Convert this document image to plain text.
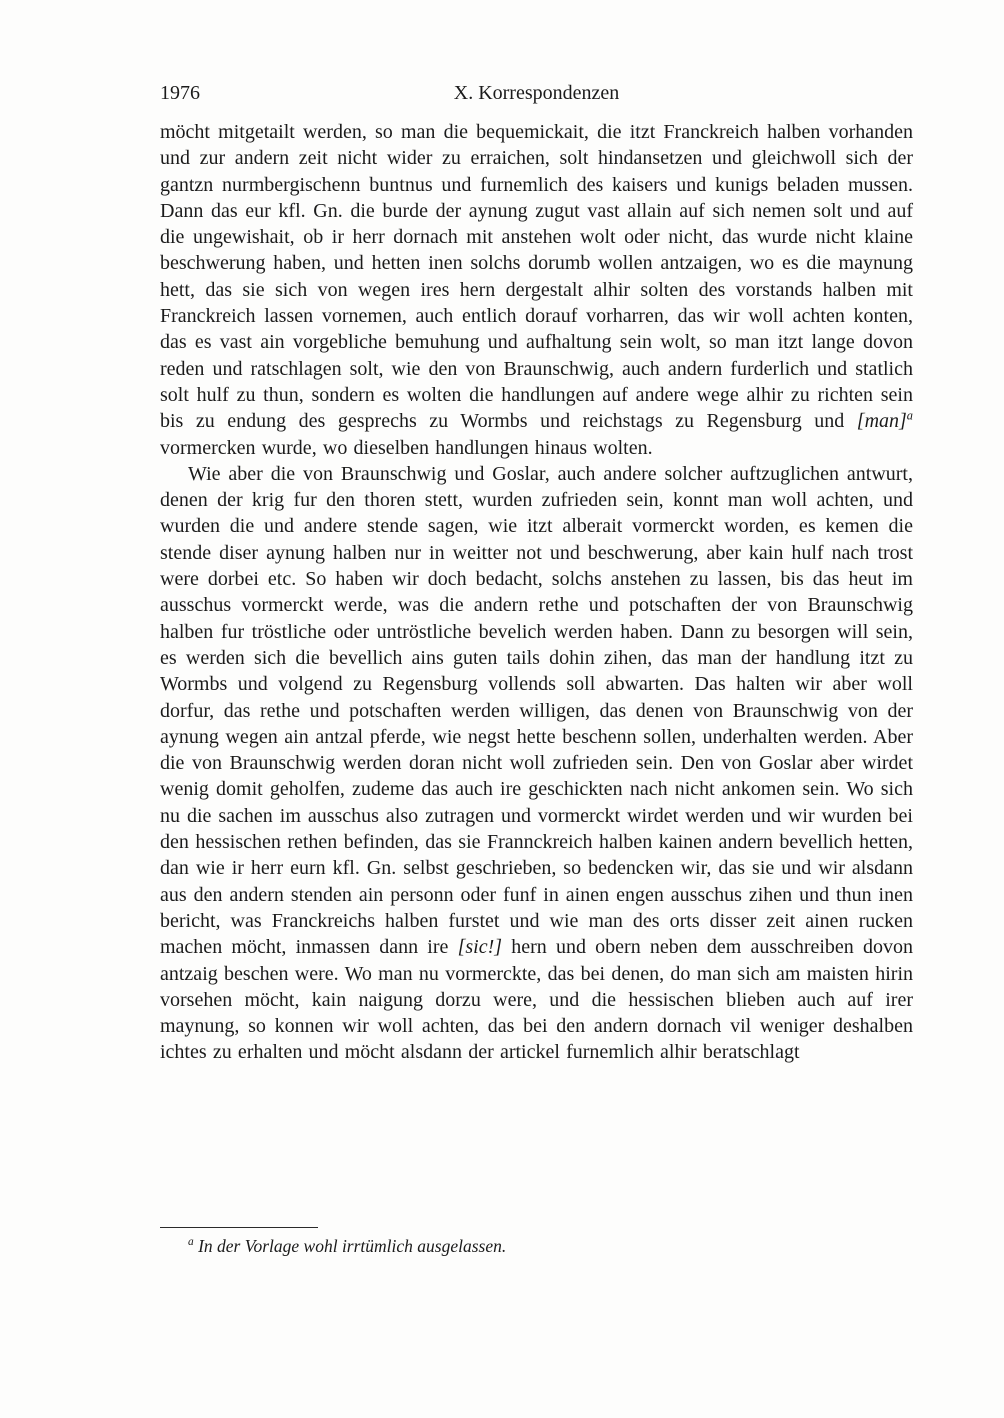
1976	X. Korrespondenzen

möcht mitgetailt werden, so man die bequemickait, die itzt Franckreich halben vorhanden und zur andern zeit nicht wider zu erraichen, solt hindansetzen und gleichwoll sich der gantzn nurmbergischenn buntnus und furnemlich des kaisers und kunigs beladen mussen. Dann das eur kfl. Gn. die burde der aynung zugut vast allain auf sich nemen solt und auf die ungewishait, ob ir herr dornach mit anstehen wolt oder nicht, das wurde nicht klaine beschwerung haben, und hetten inen solchs dorumb wollen antzaigen, wo es die maynung hett, das sie sich von wegen ires hern dergestalt alhir solten des vorstands halben mit Franckreich lassen vornemen, auch entlich dorauf vorharren, das wir woll achten konten, das es vast ain vorgebliche bemuhung und aufhaltung sein wolt, so man itzt lange dovon reden und ratschlagen solt, wie den von Braunschwig, auch andern furderlich und statlich solt hulf zu thun, sondern es wolten die handlungen auf andere wege alhir zu richten sein bis zu endung des gesprechs zu Wormbs und reichstags zu Regensburg und [man]$^a$ vormercken wurde, wo dieselben handlungen hinaus wolten.

Wie aber die von Braunschwig und Goslar, auch andere solcher auftzuglichen antwurt, denen der krig fur den thoren stett, wurden zufrieden sein, konnt man woll achten, und wurden die und andere stende sagen, wie itzt alberait vormerckt worden, es kemen die stende diser aynung halben nur in weitter not und beschwerung, aber kain hulf nach trost were dorbei etc. So haben wir doch bedacht, solchs anstehen zu lassen, bis das heut im ausschus vormerckt werde, was die andern rethe und potschaften der von Braunschwig halben fur tröstliche oder untröstliche bevelich werden haben. Dann zu besorgen will sein, es werden sich die bevellich ains guten tails dohin zihen, das man der handlung itzt zu Wormbs und volgend zu Regensburg vollends soll abwarten. Das halten wir aber woll dorfur, das rethe und potschaften werden willigen, das denen von Braunschwig von der aynung wegen ain antzal pferde, wie negst hette beschenn sollen, underhalten werden. Aber die von Braunschwig werden doran nicht woll zufrieden sein. Den von Goslar aber wirdet wenig domit geholfen, zudeme das auch ire geschickten nach nicht ankomen sein. Wo sich nu die sachen im ausschus also zutragen und vormerckt wirdet werden und wir wurden bei den hessischen rethen befinden, das sie Frannckreich halben kainen andern bevellich hetten, dan wie ir herr eurn kfl. Gn. selbst geschrieben, so bedencken wir, das sie und wir alsdann aus den andern stenden ain personn oder funf in ainen engen ausschus zihen und thun inen bericht, was Franckreichs halben furstet und wie man des orts disser zeit ainen rucken machen möcht, inmassen dann ire [sic!] hern und obern neben dem ausschreiben dovon antzaig beschen were. Wo man nu vormerckte, das bei denen, do man sich am maisten hirin vorsehen möcht, kain naigung dorzu were, und die hessischen blieben auch auf irer maynung, so konnen wir woll achten, das bei den andern dornach vil weniger deshalben ichtes zu erhalten und möcht alsdann der artickel furnemlich alhir beratschlagt

$^a$ In der Vorlage wohl irrtümlich ausgelassen.
